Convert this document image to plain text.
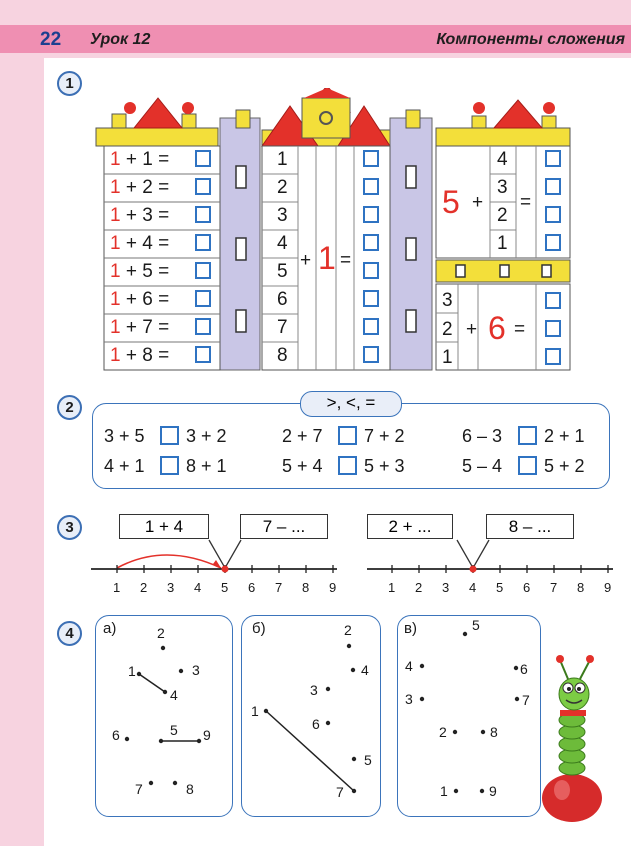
22 Урок 12	Компоненты сложения
1
1 + 1 =
1 + 2 =
1 + 3 =
1 + 4 =
1 + 5 =
1 + 6 =
1 + 7 =
1 + 8 =
1
2
3
4
5
6
7
8
+ 1 =
5 +
4
3
2
1
=
3
2
1
+ 6 =
2	>, <, =
3 + 5 3 + 2	2 + 7 7 + 2	6 – 3 2 + 1
4 + 1 8 + 1	5 + 4 5 + 3	5 – 4 5 + 2
3	1 + 4	7 – ...	2 + ...	8 – ...
1 2 3 4 5 6 7 8 9	1 2 3 4 5 6 7 8 9
4	а)	б)	в)
2
1	3
4
5 9
6
7	8
2
4
3
1
6
5
7
5
4	6
3	7
2	8
1	9
